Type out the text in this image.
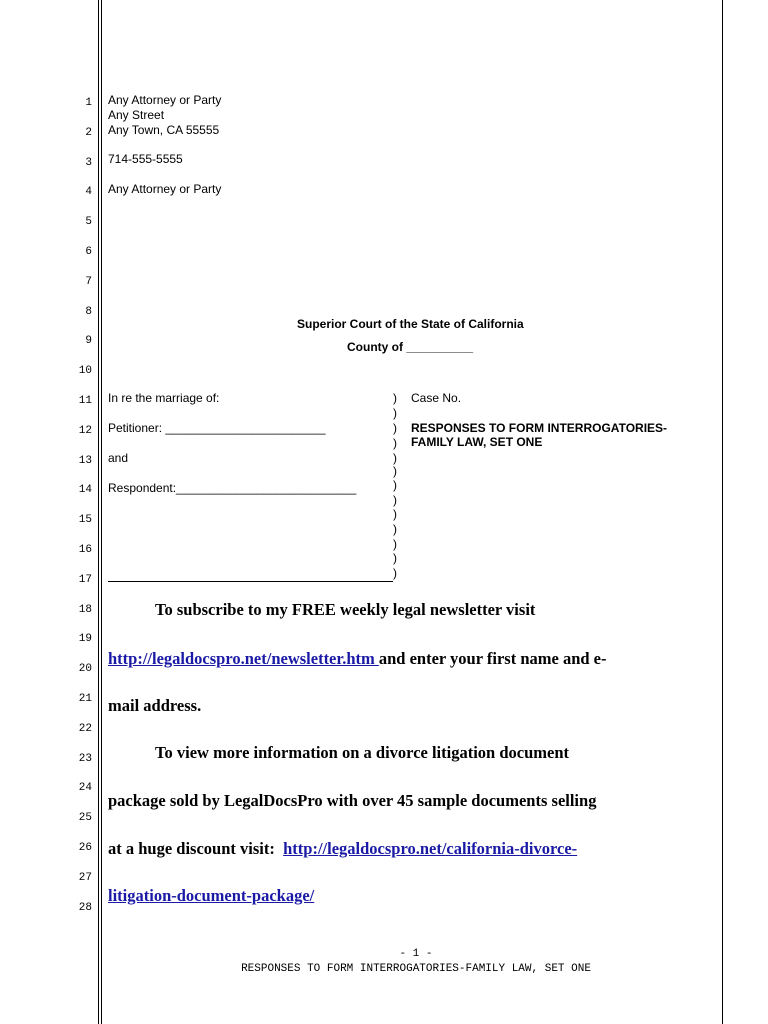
1
2
3
4
5
6
7
8
9
10
11
12
13
14
15
16
17
18
19
20
21
22
23
24
25
26
27
28
Any Attorney or Party
Any Street
Any Town, CA 55555
714-555-5555
Any Attorney or Party
Superior Court of the State of California
County of __________
In re the marriage of:
Petitioner: ________________________
and
Respondent:___________________________
)
)
)
)
)
)
)
)
)
)
)
)
)
Case No.
RESPONSES TO FORM INTERROGATORIES-
FAMILY LAW, SET ONE
To subscribe to my FREE weekly legal newsletter visit
http://legaldocspro.net/newsletter.htm and enter your first name and e-
mail address.
To view more information on a divorce litigation document
package sold by LegalDocsPro with over 45 sample documents selling
at a huge discount visit:  http://legaldocspro.net/california-divorce-
litigation-document-package/
- 1 -
RESPONSES TO FORM INTERROGATORIES-FAMILY LAW, SET ONE
